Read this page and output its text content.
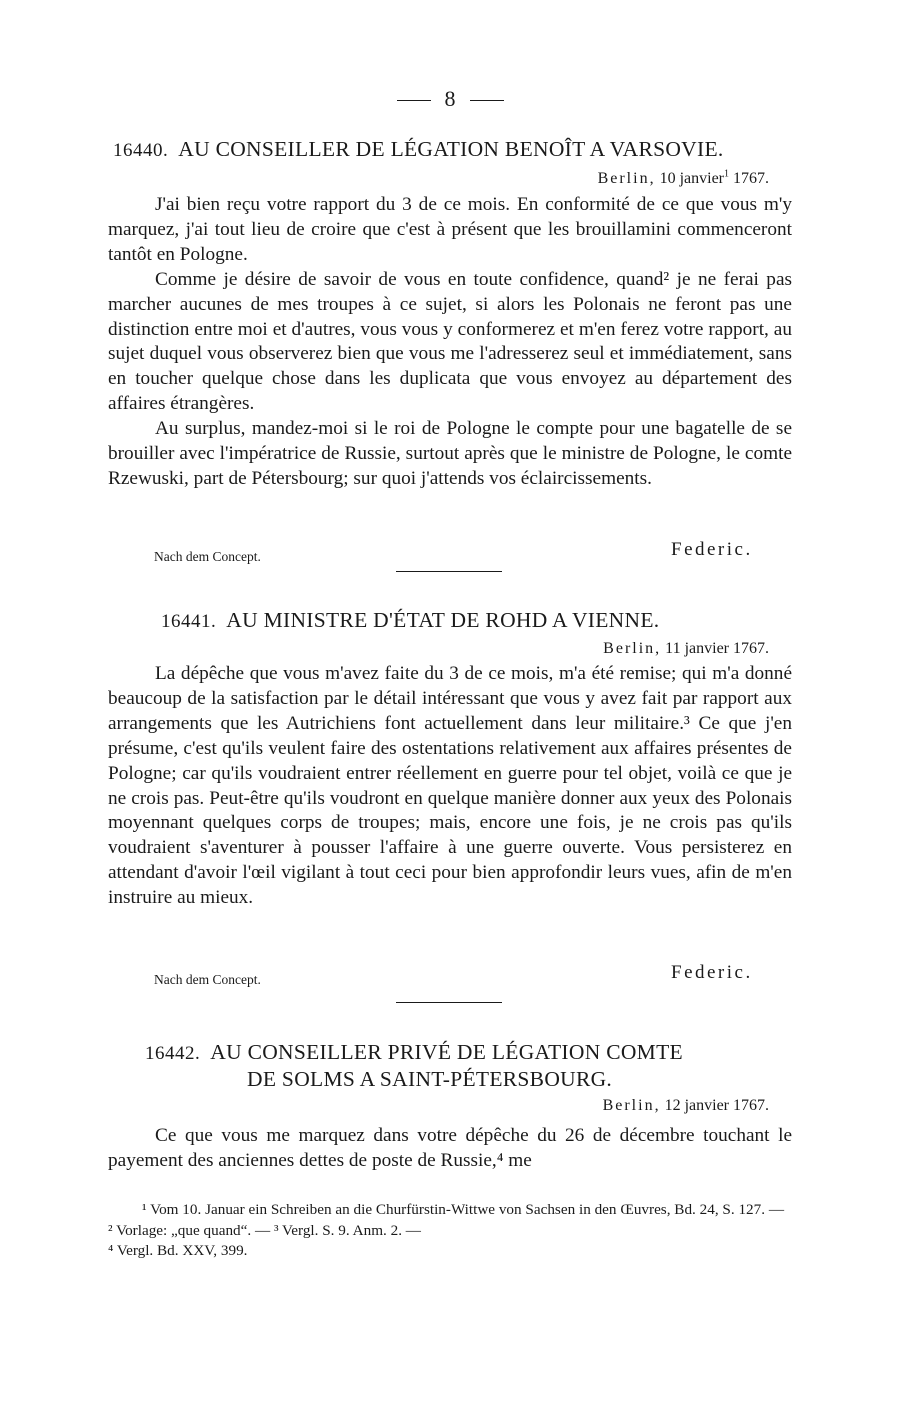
8
16440. AU CONSEILLER DE LÉGATION BENOÎT A VARSOVIE.
Berlin, 10 janvier$^1$ 1767.

J'ai bien reçu votre rapport du 3 de ce mois. En conformité de ce que vous m'y marquez, j'ai tout lieu de croire que c'est à présent que les brouillamini commenceront tantôt en Pologne.

Comme je désire de savoir de vous en toute confidence, quand² je ne ferai pas marcher aucunes de mes troupes à ce sujet, si alors les Polonais ne feront pas une distinction entre moi et d'autres, vous vous y conformerez et m'en ferez votre rapport, au sujet duquel vous observerez bien que vous me l'adresserez seul et immédiatement, sans en toucher quelque chose dans les duplicata que vous envoyez au département des affaires étrangères.

Au surplus, mandez-moi si le roi de Pologne le compte pour une bagatelle de se brouiller avec l'impératrice de Russie, surtout après que le ministre de Pologne, le comte Rzewuski, part de Pétersbourg; sur quoi j'attends vos éclaircissements.

Nach dem Concept.	Federic.
16441. AU MINISTRE D'ÉTAT DE ROHD A VIENNE.
Berlin, 11 janvier 1767.

La dépêche que vous m'avez faite du 3 de ce mois, m'a été remise; qui m'a donné beaucoup de la satisfaction par le détail intéressant que vous y avez fait par rapport aux arrangements que les Autrichiens font actuellement dans leur militaire.³ Ce que j'en présume, c'est qu'ils veulent faire des ostentations relativement aux affaires présentes de Pologne; car qu'ils voudraient entrer réellement en guerre pour tel objet, voilà ce que je ne crois pas. Peut-être qu'ils voudront en quelque manière donner aux yeux des Polonais moyennant quelques corps de troupes; mais, encore une fois, je ne crois pas qu'ils voudraient s'aventurer à pousser l'affaire à une guerre ouverte. Vous persisterez en attendant d'avoir l'œil vigilant à tout ceci pour bien approfondir leurs vues, afin de m'en instruire au mieux.

Nach dem Concept.	Federic.
16442. AU CONSEILLER PRIVÉ DE LÉGATION COMTE
DE SOLMS A SAINT-PÉTERSBOURG.
Berlin, 12 janvier 1767.

Ce que vous me marquez dans votre dépêche du 26 de décembre touchant le payement des anciennes dettes de poste de Russie,⁴ me

¹ Vom 10. Januar ein Schreiben an die Churfürstin-Wittwe von Sachsen in den Œuvres, Bd. 24, S. 127. — ² Vorlage: „que quand“. — ³ Vergl. S. 9. Anm. 2. —

⁴ Vergl. Bd. XXV, 399.
